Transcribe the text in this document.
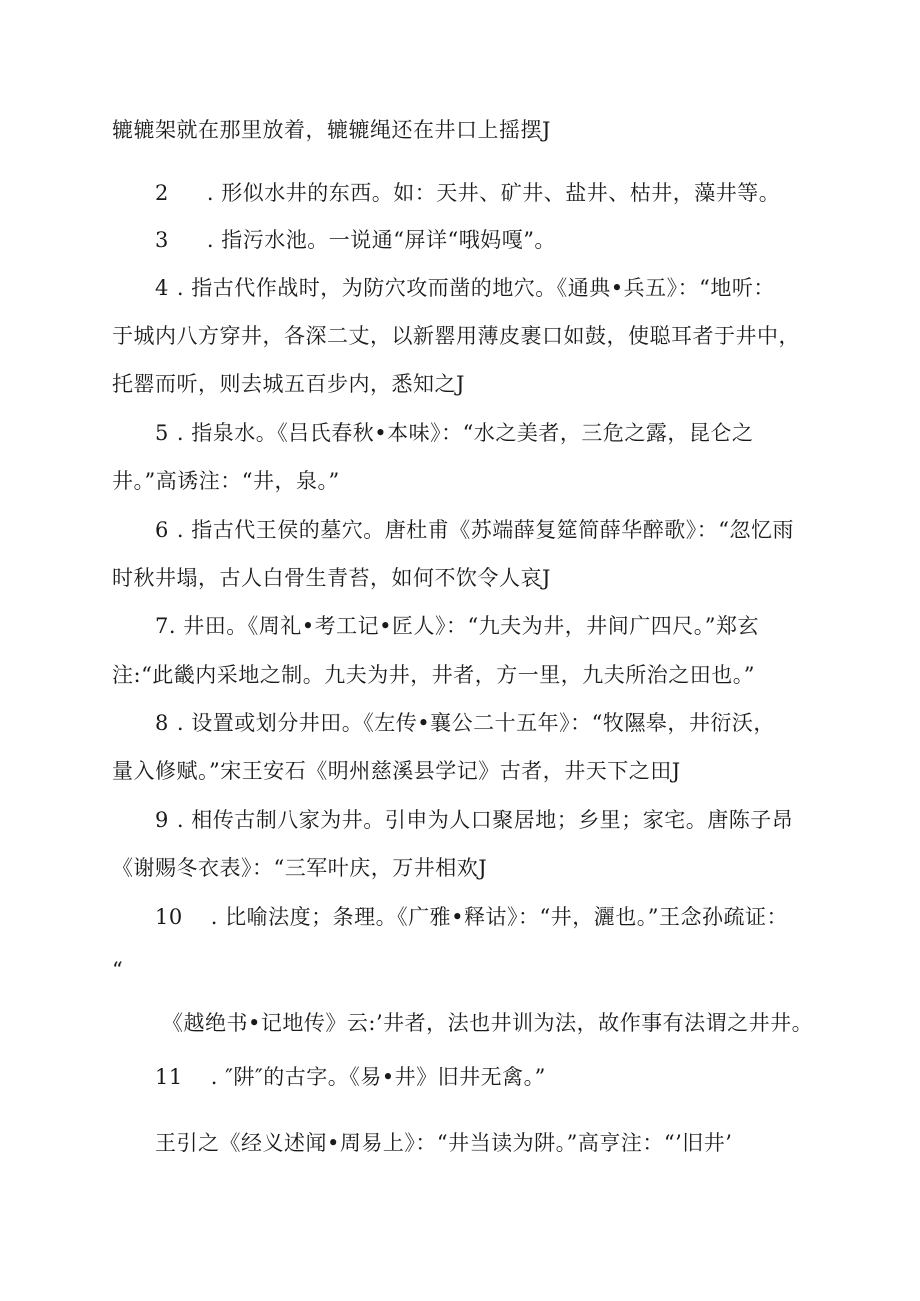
辘辘架就在那里放着，辘辘绳还在井口上摇摆J
2 . 形似水井的东西。如：天井、矿井、盐井、枯井，藻井等。
3 . 指污水池。一说通“屏详“哦妈嘎”。
4 . 指古代作战时，为防穴攻而凿的地穴。《通典•兵五》：“地听：
于城内八方穿井，各深二丈，以新罂用薄皮裹口如鼓，使聪耳者于井中，
托罂而听，则去城五百步内，悉知之J
5 . 指泉水。《吕氏春秋•本味》：“水之美者，三危之露，昆仑之
井。”高诱注：“井，泉。”
6 . 指古代王侯的墓穴。唐杜甫《苏端薛复筵简薛华醉歌》：“忽忆雨
时秋井塌，古人白骨生青苔，如何不饮令人哀J
7. 井田。《周礼•考工记•匠人》：“九夫为井，井间广四尺。”郑玄
注:“此畿内采地之制。九夫为井，井者，方一里，九夫所治之田也。”
8 . 设置或划分井田。《左传•襄公二十五年》：“牧隰皋，井衍沃，
量入修赋。”宋王安石《明州慈溪县学记》古者，井天下之田J
9 . 相传古制八家为井。引申为人口聚居地；乡里；家宅。唐陈子昂
《谢赐冬衣表》：“三军叶庆，万井相欢J
10 . 比喻法度；条理。《广雅•释诂》：“井，灑也。”王念孙疏证：
“
《越绝书•记地传》云:’井者，法也井训为法，故作事有法谓之井井。
11 . ″阱″的古字。《易•井》旧井无禽。”
王引之《经义述闻•周易上》：“井当读为阱。”高亨注：“’旧井’
